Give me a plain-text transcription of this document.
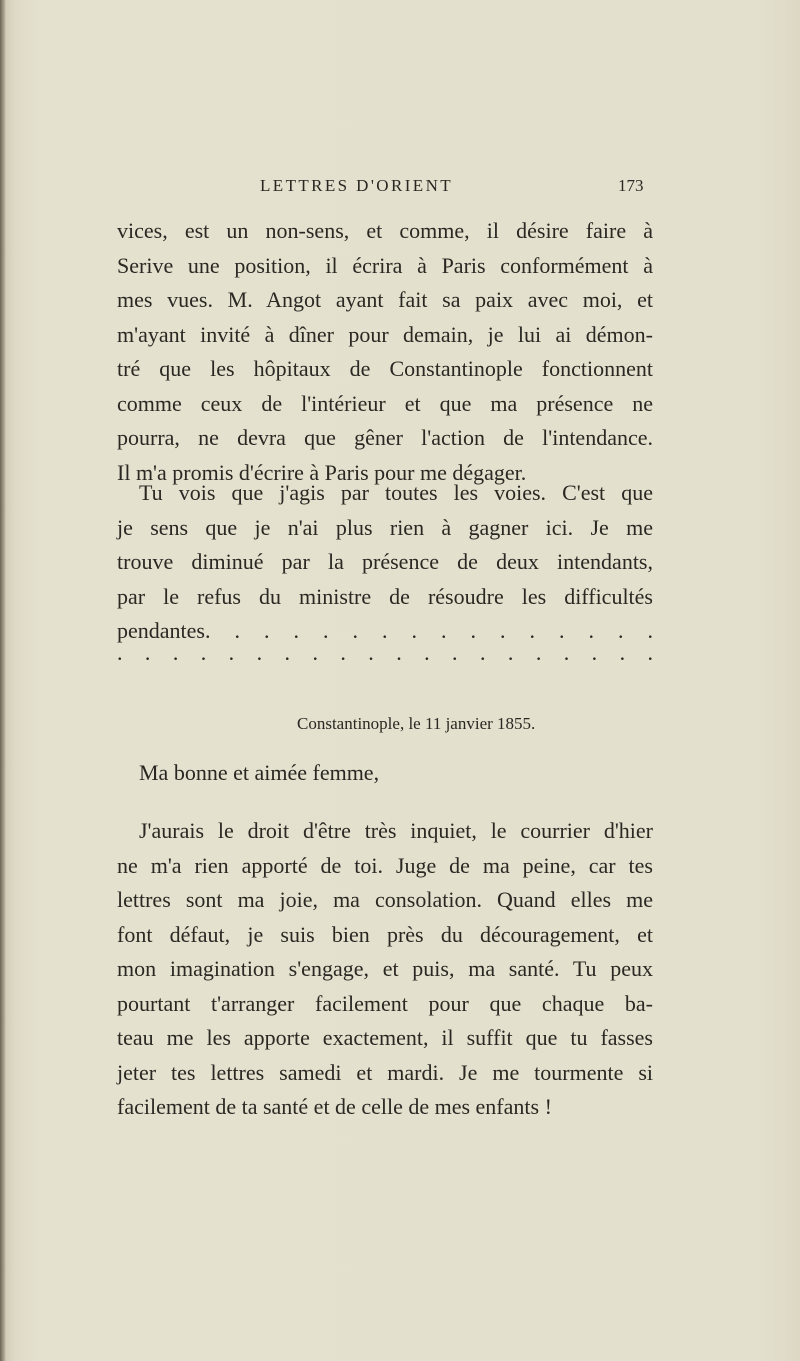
LETTRES D'ORIENT	173
vices, est un non-sens, et comme, il désire faire à
Serive une position, il écrira à Paris conformément à
mes vues. M. Angot ayant fait sa paix avec moi, et
m'ayant invité à dîner pour demain, je lui ai démon-
tré que les hôpitaux de Constantinople fonctionnent
comme ceux de l'intérieur et que ma présence ne
pourra, ne devra que gêner l'action de l'intendance.
Il m'a promis d'écrire à Paris pour me dégager.
Tu vois que j'agis par toutes les voies. C'est que
je sens que je n'ai plus rien à gagner ici. Je me
trouve diminué par la présence de deux intendants,
par le refus du ministre de résoudre les difficultés
pendantes. . . . . . . . . . . . . . . .
. . . . . . . . . . . . . . . . . . . .
Constantinople, le 11 janvier 1855.
Ma bonne et aimée femme,
J'aurais le droit d'être très inquiet, le courrier d'hier
ne m'a rien apporté de toi. Juge de ma peine, car tes
lettres sont ma joie, ma consolation. Quand elles me
font défaut, je suis bien près du découragement, et
mon imagination s'engage, et puis, ma santé. Tu peux
pourtant t'arranger facilement pour que chaque ba-
teau me les apporte exactement, il suffit que tu fasses
jeter tes lettres samedi et mardi. Je me tourmente si
facilement de ta santé et de celle de mes enfants !
